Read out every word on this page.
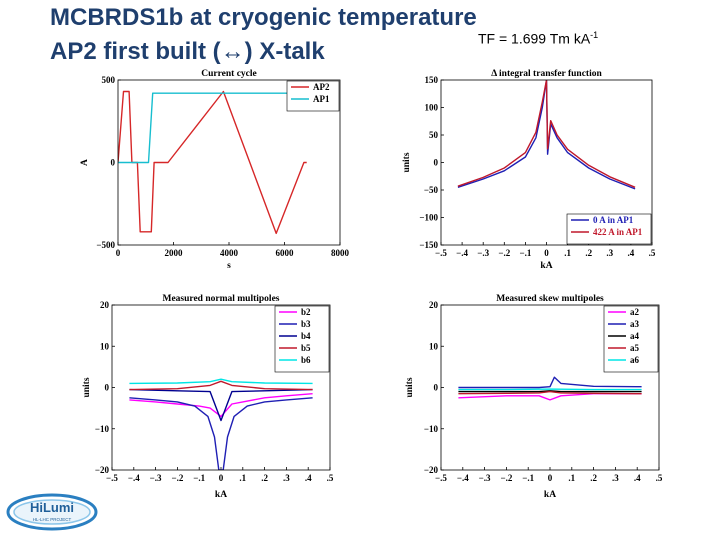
MCBRDS1b at cryogenic temperature
AP2 first built (↔) X-talk	TF = 1.699 Tm $kA^{-1}$
0	2000	4000	6000	8000
−500
0
500
Current cycle
s
A
AP2
AP1
−.5 −.4 −.3 −.2 −.1 0 .1 .2 .3 .4 .5
−150
−100
−50
0
50
100
150
Δ integral transfer function
kA
units
0 A in AP1
422 A in AP1
−.5 −.4 −.3 −.2 −.1 0 .1 .2 .3 .4 .5
−20
−10
0
10
20
Measured normal multipoles
kA
units
b2
b3
b4
b5
b6
−.5 −.4 −.3 −.2 −.1 0 .1 .2 .3 .4 .5
−20
−10
0
10
20
Measured skew multipoles
kA
units
a2
a3
a4
a5
a6
HiLumi
HL-LHC PROJECT
